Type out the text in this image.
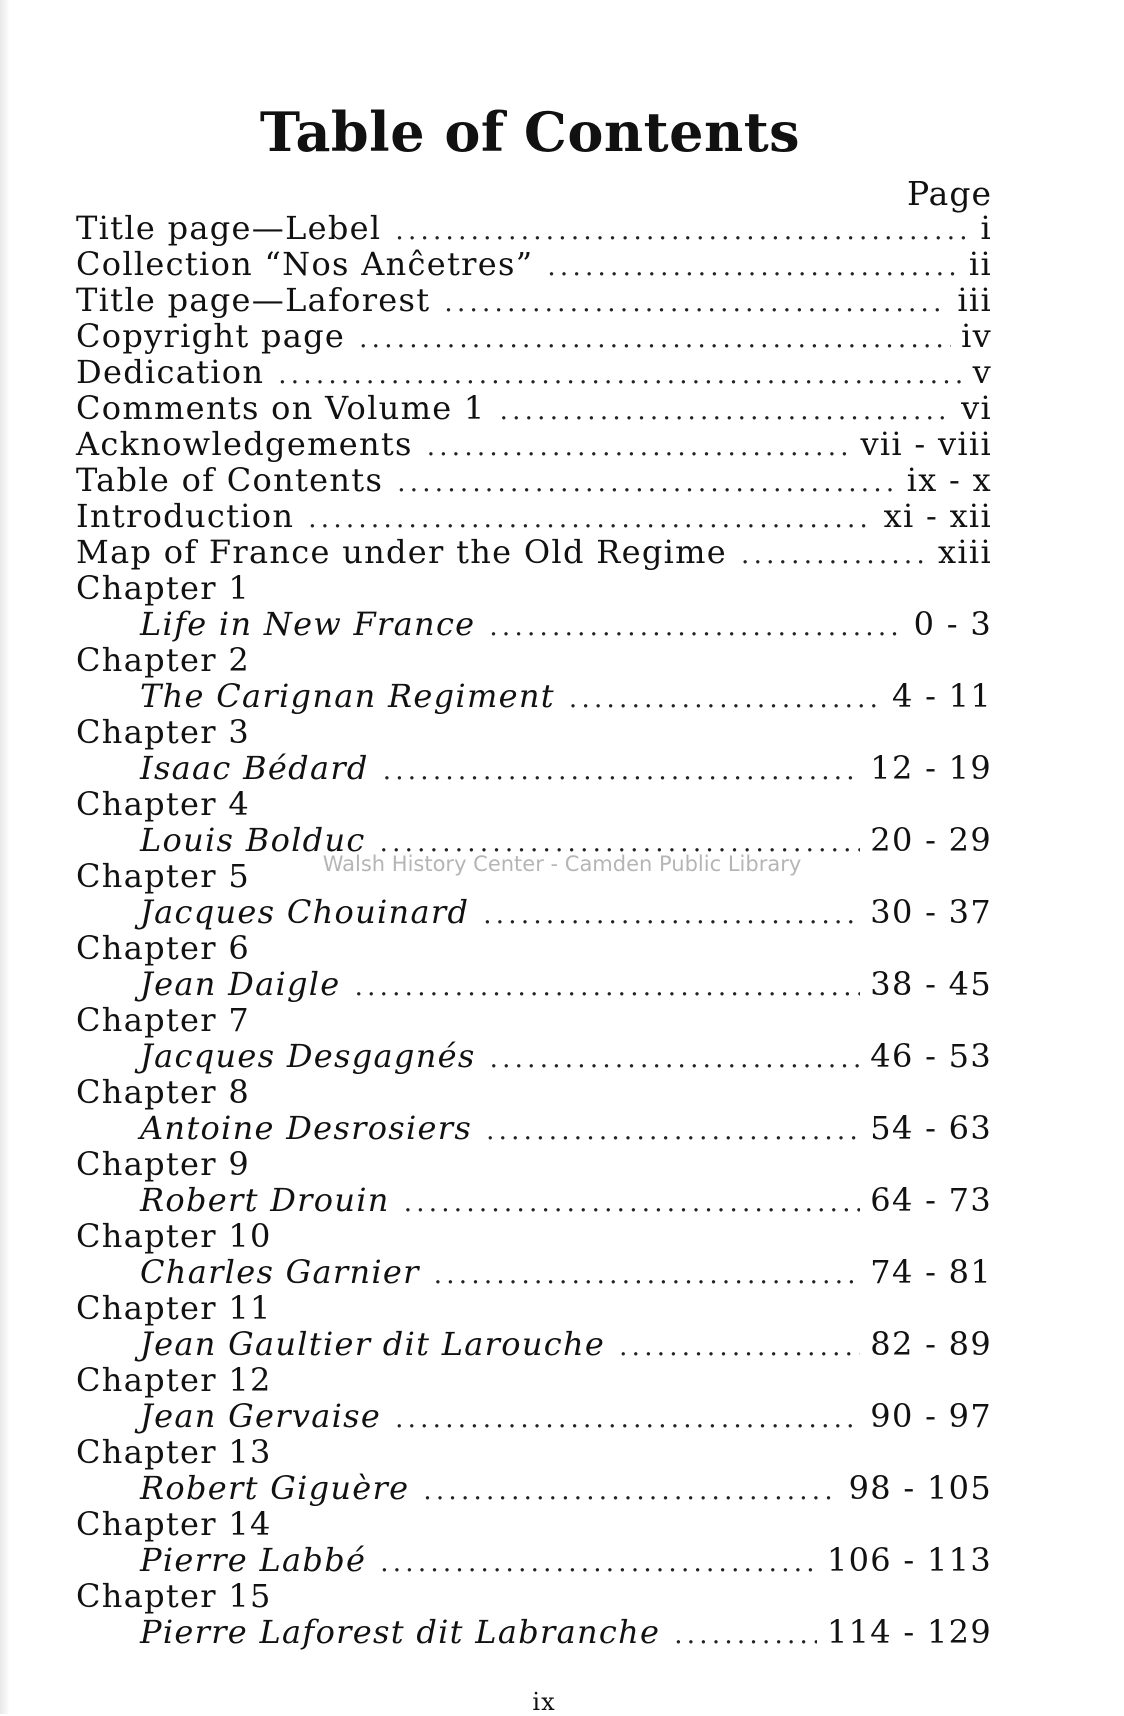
Table of Contents
Page
Title page—Lebel . . .	i
Collection “Nos Anĉetres” . . .	ii
Title page—Laforest . . .	iii
Copyright page . . .	iv
Dedication . . .	v
Comments on Volume 1 . . .	vi
Acknowledgements . . .	vii - viii
Table of Contents . . .	ix - x
Introduction . . .	xi - xii
Map of France under the Old Regime . . .	xiii
Chapter 1
Life in New France . . .	0 - 3
Chapter 2
The Carignan Regiment . . .	4 - 11
Chapter 3
Isaac Bédard . . .	12 - 19
Chapter 4
Louis Bolduc . . .	20 - 29
Chapter 5
Jacques Chouinard . . .	30 - 37
Chapter 6
Jean Daigle . . .	38 - 45
Chapter 7
Jacques Desgagnés . . .	46 - 53
Chapter 8
Antoine Desrosiers . . .	54 - 63
Chapter 9
Robert Drouin . . .	64 - 73
Chapter 10
Charles Garnier . . .	74 - 81
Chapter 11
Jean Gaultier dit Larouche . . .	82 - 89
Chapter 12
Jean Gervaise . . .	90 - 97
Chapter 13
Robert Giguère . . .	98 - 105
Chapter 14
Pierre Labbé . . .	106 - 113
Chapter 15
Pierre Laforest dit Labranche . . .	114 - 129
Walsh History Center - Camden Public Library
ix
